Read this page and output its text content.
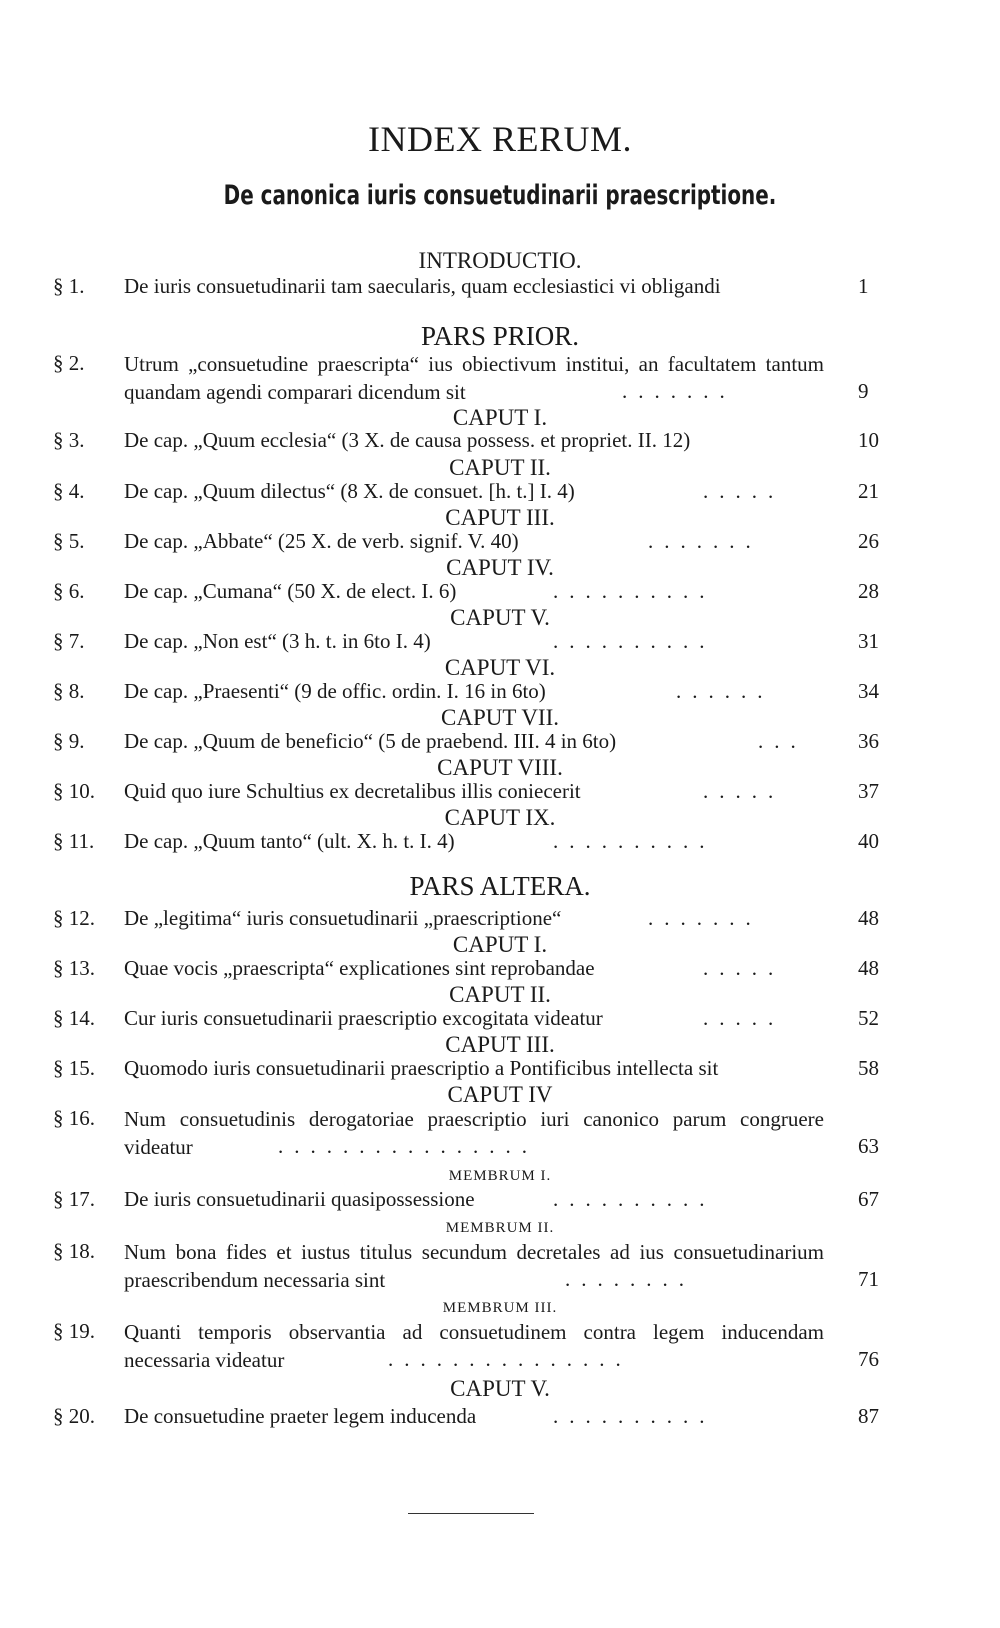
INDEX RERUM.
De canonica iuris consuetudinarii praescriptione.
INTRODUCTIO.
§ 1. De iuris consuetudinarii tam saecularis, quam ecclesiastici vi obligandi	1
PARS PRIOR.
§ 2. Utrum „consuetudine praescripta“ ius obiectivum institui, an facultatem tantum quandam agendi comparari dicendum sit	.......	9
CAPUT I.
§ 3. De cap. „Quum ecclesia“ (3 X. de causa possess. et propriet. II. 12)	10
CAPUT II.
§ 4. De cap. „Quum dilectus“ (8 X. de consuet. [h. t.] I. 4)	.....	21
CAPUT III.
§ 5. De cap. „Abbate“ (25 X. de verb. signif. V. 40)	.......	26
CAPUT IV.
§ 6. De cap. „Cumana“ (50 X. de elect. I. 6)	..........	28
CAPUT V.
§ 7. De cap. „Non est“ (3 h. t. in 6to I. 4)	..........	31
CAPUT VI.
§ 8. De cap. „Praesenti“ (9 de offic. ordin. I. 16 in 6to)	......	34
CAPUT VII.
§ 9. De cap. „Quum de beneficio“ (5 de praebend. III. 4 in 6to)	... 36
CAPUT VIII.
§ 10. Quid quo iure Schultius ex decretalibus illis coniecerit	.....	37
CAPUT IX.
§ 11. De cap. „Quum tanto“ (ult. X. h. t. I. 4)	..........	40
PARS ALTERA.
§ 12. De „legitima“ iuris consuetudinarii „praescriptione“	.......	48
CAPUT I.
§ 13. Quae vocis „praescripta“ explicationes sint reprobandae	.....	48
CAPUT II.
§ 14. Cur iuris consuetudinarii praescriptio excogitata videatur	.....	52
CAPUT III.
§ 15. Quomodo iuris consuetudinarii praescriptio a Pontificibus intellecta sit	58
CAPUT IV
§ 16. Num consuetudinis derogatoriae praescriptio iuri canonico parum congruere videatur	................	63
MEMBRUM I.
§ 17. De iuris consuetudinarii quasipossessione	..........	67
MEMBRUM II.
§ 18. Num bona fides et iustus titulus secundum decretales ad ius consuetudinarium praescribendum necessaria sint	........	71
MEMBRUM III.
§ 19. Quanti temporis observantia ad consuetudinem contra legem inducendam necessaria videatur	...............	76
CAPUT V.
§ 20. De consuetudine praeter legem inducenda	..........	87
